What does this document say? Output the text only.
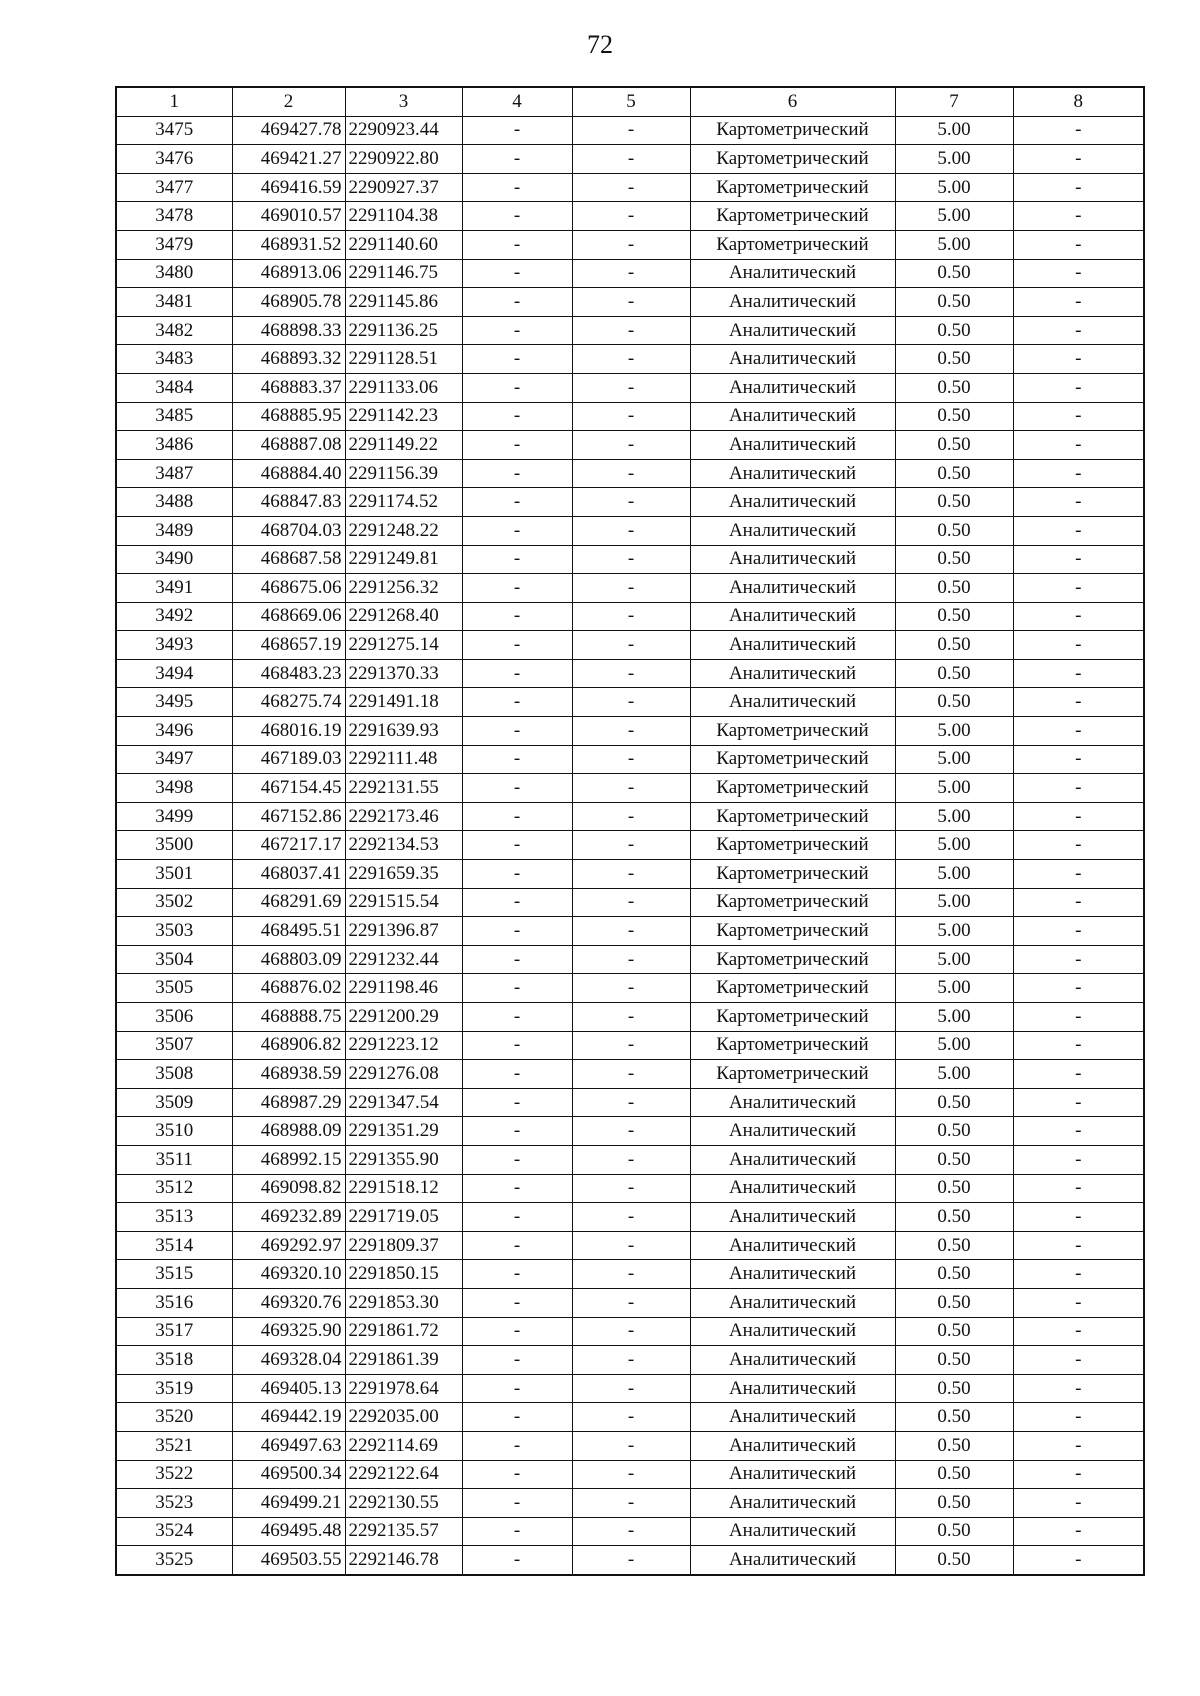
72
1	2	3	4	5	6	7	8
3475	469427.78	2290923.44	-	-	Картометрический	5.00	-
3476	469421.27	2290922.80	-	-	Картометрический	5.00	-
3477	469416.59	2290927.37	-	-	Картометрический	5.00	-
3478	469010.57	2291104.38	-	-	Картометрический	5.00	-
3479	468931.52	2291140.60	-	-	Картометрический	5.00	-
3480	468913.06	2291146.75	-	-	Аналитический	0.50	-
3481	468905.78	2291145.86	-	-	Аналитический	0.50	-
3482	468898.33	2291136.25	-	-	Аналитический	0.50	-
3483	468893.32	2291128.51	-	-	Аналитический	0.50	-
3484	468883.37	2291133.06	-	-	Аналитический	0.50	-
3485	468885.95	2291142.23	-	-	Аналитический	0.50	-
3486	468887.08	2291149.22	-	-	Аналитический	0.50	-
3487	468884.40	2291156.39	-	-	Аналитический	0.50	-
3488	468847.83	2291174.52	-	-	Аналитический	0.50	-
3489	468704.03	2291248.22	-	-	Аналитический	0.50	-
3490	468687.58	2291249.81	-	-	Аналитический	0.50	-
3491	468675.06	2291256.32	-	-	Аналитический	0.50	-
3492	468669.06	2291268.40	-	-	Аналитический	0.50	-
3493	468657.19	2291275.14	-	-	Аналитический	0.50	-
3494	468483.23	2291370.33	-	-	Аналитический	0.50	-
3495	468275.74	2291491.18	-	-	Аналитический	0.50	-
3496	468016.19	2291639.93	-	-	Картометрический	5.00	-
3497	467189.03	2292111.48	-	-	Картометрический	5.00	-
3498	467154.45	2292131.55	-	-	Картометрический	5.00	-
3499	467152.86	2292173.46	-	-	Картометрический	5.00	-
3500	467217.17	2292134.53	-	-	Картометрический	5.00	-
3501	468037.41	2291659.35	-	-	Картометрический	5.00	-
3502	468291.69	2291515.54	-	-	Картометрический	5.00	-
3503	468495.51	2291396.87	-	-	Картометрический	5.00	-
3504	468803.09	2291232.44	-	-	Картометрический	5.00	-
3505	468876.02	2291198.46	-	-	Картометрический	5.00	-
3506	468888.75	2291200.29	-	-	Картометрический	5.00	-
3507	468906.82	2291223.12	-	-	Картометрический	5.00	-
3508	468938.59	2291276.08	-	-	Картометрический	5.00	-
3509	468987.29	2291347.54	-	-	Аналитический	0.50	-
3510	468988.09	2291351.29	-	-	Аналитический	0.50	-
3511	468992.15	2291355.90	-	-	Аналитический	0.50	-
3512	469098.82	2291518.12	-	-	Аналитический	0.50	-
3513	469232.89	2291719.05	-	-	Аналитический	0.50	-
3514	469292.97	2291809.37	-	-	Аналитический	0.50	-
3515	469320.10	2291850.15	-	-	Аналитический	0.50	-
3516	469320.76	2291853.30	-	-	Аналитический	0.50	-
3517	469325.90	2291861.72	-	-	Аналитический	0.50	-
3518	469328.04	2291861.39	-	-	Аналитический	0.50	-
3519	469405.13	2291978.64	-	-	Аналитический	0.50	-
3520	469442.19	2292035.00	-	-	Аналитический	0.50	-
3521	469497.63	2292114.69	-	-	Аналитический	0.50	-
3522	469500.34	2292122.64	-	-	Аналитический	0.50	-
3523	469499.21	2292130.55	-	-	Аналитический	0.50	-
3524	469495.48	2292135.57	-	-	Аналитический	0.50	-
3525	469503.55	2292146.78	-	-	Аналитический	0.50	-
